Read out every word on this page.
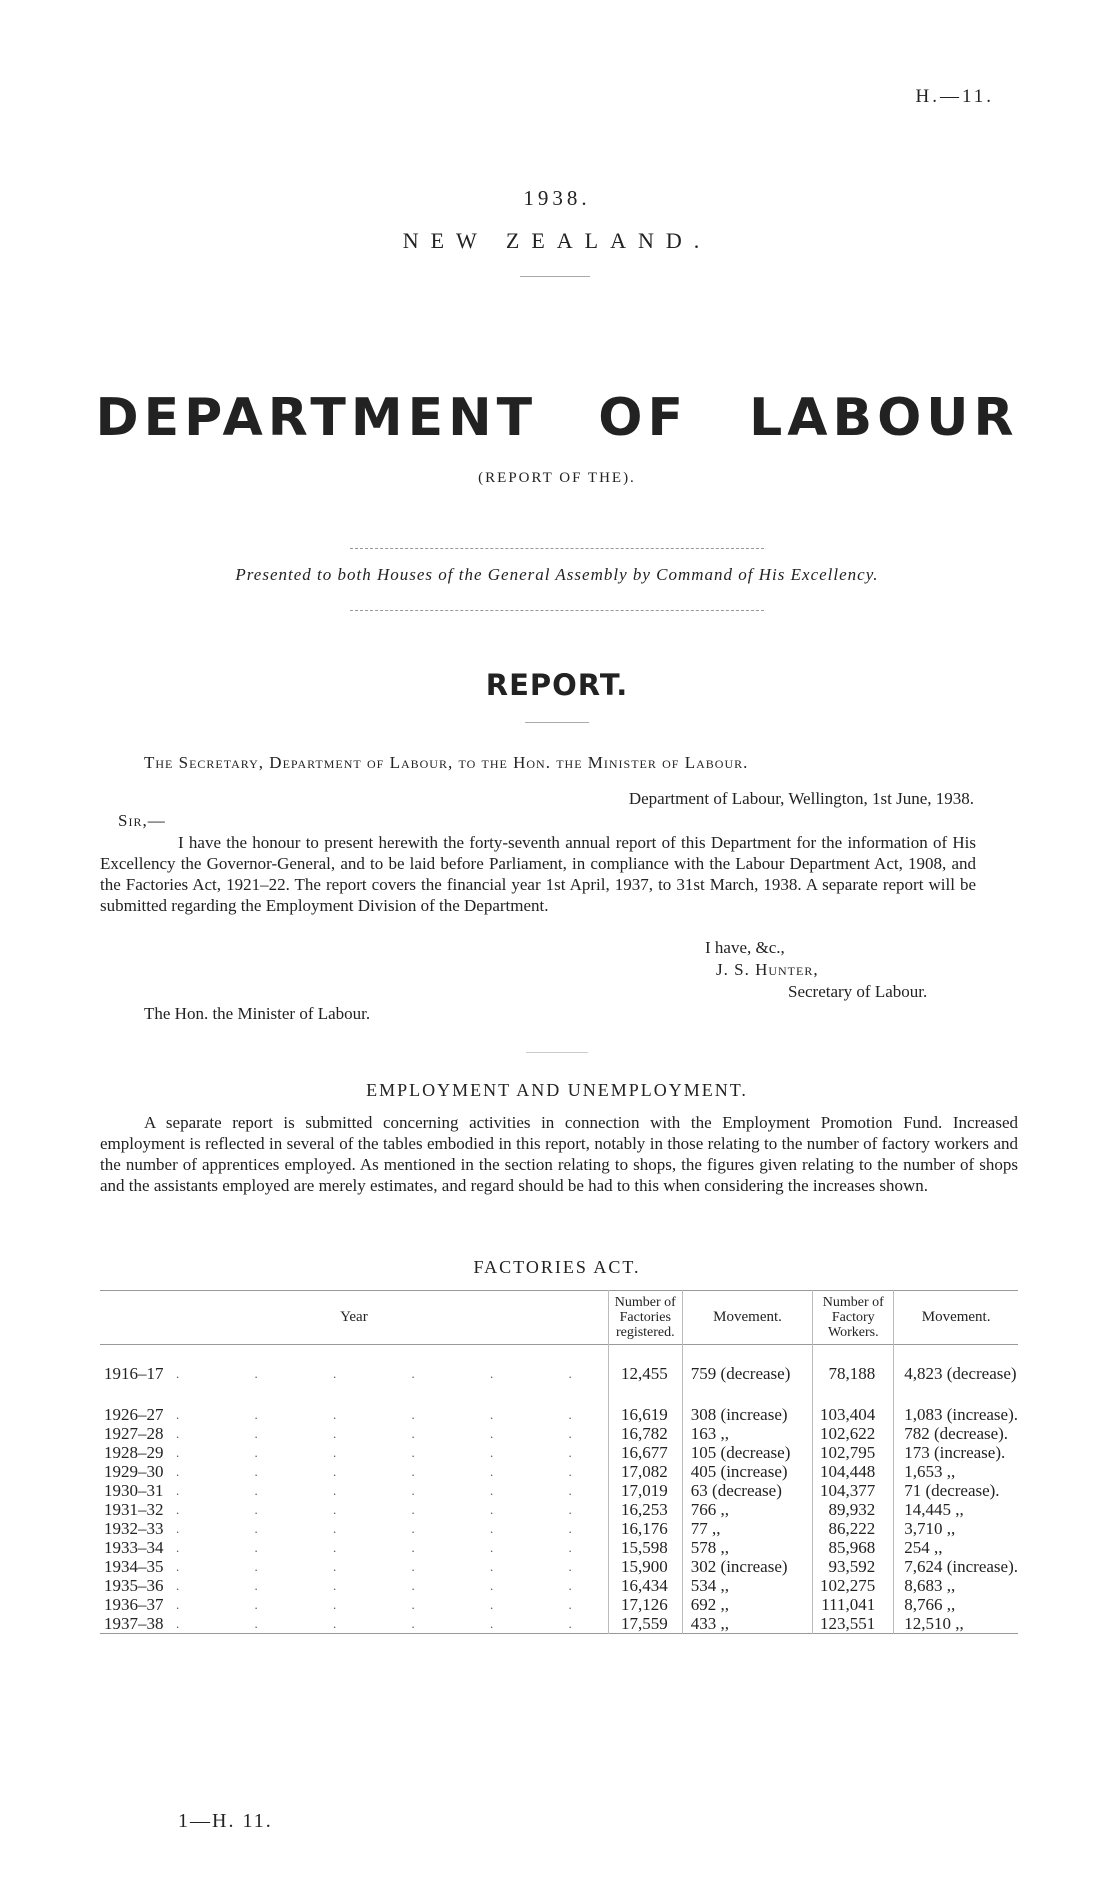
H.—11.
1938.
NEW ZEALAND.
DEPARTMENT OF LABOUR
(REPORT OF THE).
Presented to both Houses of the General Assembly by Command of His Excellency.
REPORT.
The Secretary, Department of Labour, to the Hon. the Minister of Labour.
Department of Labour, Wellington, 1st June, 1938.
Sir,—
I have the honour to present herewith the forty-seventh annual report of this Department for the information of His Excellency the Governor-General, and to be laid before Parliament, in compliance with the Labour Department Act, 1908, and the Factories Act, 1921–22. The report covers the financial year 1st April, 1937, to 31st March, 1938. A separate report will be submitted regarding the Employment Division of the Department.
I have, &c.,
J. S. Hunter,
Secretary of Labour.
The Hon. the Minister of Labour.
EMPLOYMENT AND UNEMPLOYMENT.
A separate report is submitted concerning activities in connection with the Employment Promotion Fund. Increased employment is reflected in several of the tables embodied in this report, notably in those relating to the number of factory workers and the number of apprentices employed. As mentioned in the section relating to shops, the figures given relating to the number of shops and the assistants employed are merely estimates, and regard should be had to this when considering the increases shown.
FACTORIES ACT.
Year		Number of Factories registered.	Movement.	Number of Factory Workers.	Movement.

1916–17	. . . . . .	12,455	759 (decrease)	78,188	4,823 (decrease)

1926–27	. . . . . .	16,619	308 (increase)	103,404	1,083 (increase).
1927–28	. . . . . .	16,782	163 ,,	102,622	782 (decrease).
1928–29	. . . . . .	16,677	105 (decrease)	102,795	173 (increase).
1929–30	. . . . . .	17,082	405 (increase)	104,448	1,653 ,,
1930–31	. . . . . .	17,019	63 (decrease)	104,377	71 (decrease).
1931–32	. . . . . .	16,253	766 ,,	89,932	14,445 ,,
1932–33	. . . . . .	16,176	77 ,,	86,222	3,710 ,,
1933–34	. . . . . .	15,598	578 ,,	85,968	254 ,,
1934–35	. . . . . .	15,900	302 (increase)	93,592	7,624 (increase).
1935–36	. . . . . .	16,434	534 ,,	102,275	8,683 ,,
1936–37	. . . . . .	17,126	692 ,,	111,041	8,766 ,,
1937–38	. . . . . .	17,559	433 ,,	123,551	12,510 ,,

1—H. 11.
